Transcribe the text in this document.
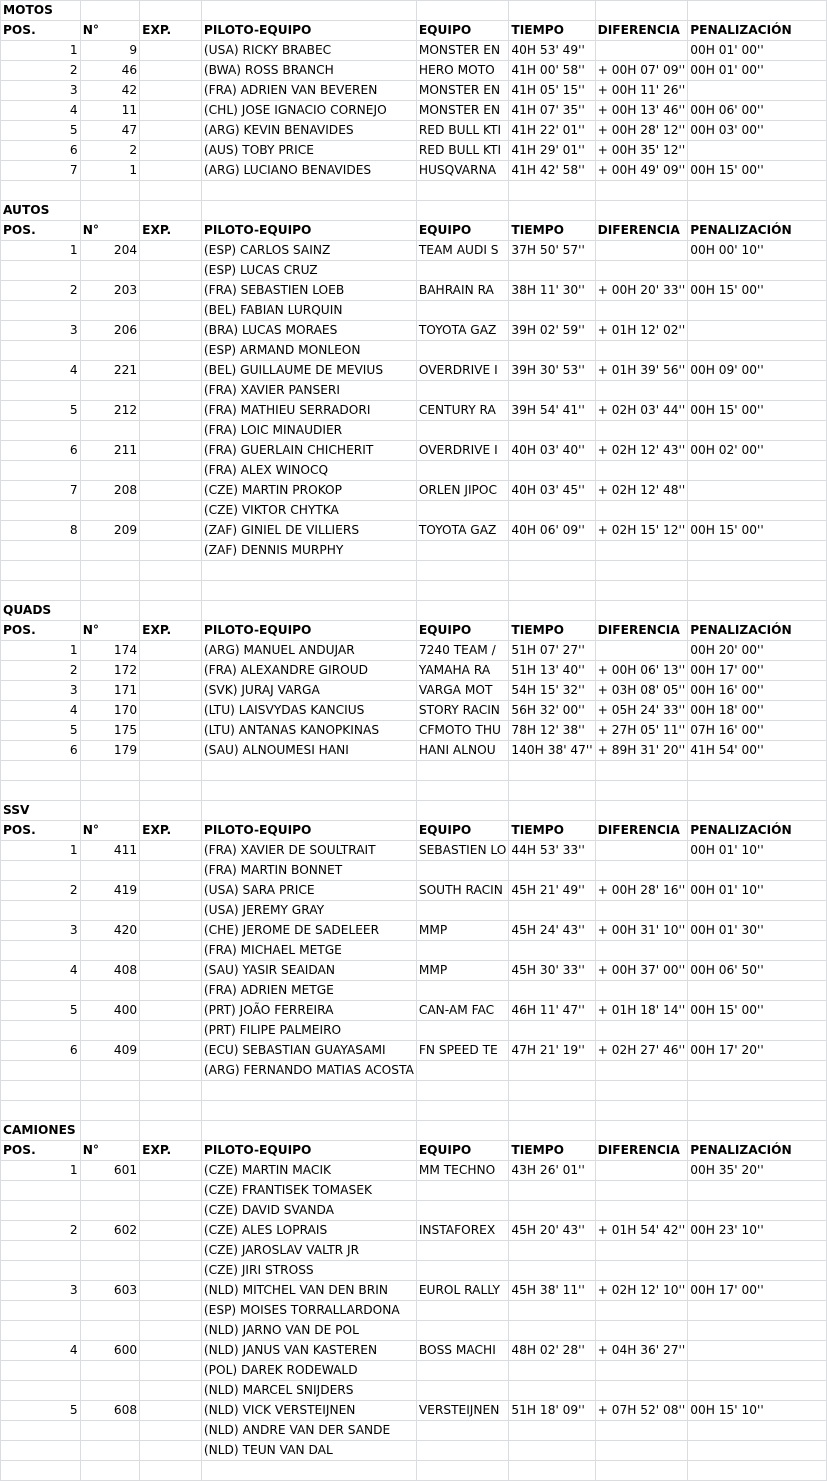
MOTOS							
POS.	N°	EXP.	PILOTO-EQUIPO	EQUIPO	TIEMPO	DIFERENCIA	PENALIZACIÓN
1	9		(USA) RICKY BRABEC	MONSTER EN	40H 53' 49''		00H 01' 00''
2	46		(BWA) ROSS BRANCH	HERO MOTO	41H 00' 58''	+ 00H 07' 09''	00H 01' 00''
3	42		(FRA) ADRIEN VAN BEVEREN	MONSTER EN	41H 05' 15''	+ 00H 11' 26''	
4	11		(CHL) JOSE IGNACIO CORNEJO	MONSTER EN	41H 07' 35''	+ 00H 13' 46''	00H 06' 00''
5	47		(ARG) KEVIN BENAVIDES	RED BULL KTI	41H 22' 01''	+ 00H 28' 12''	00H 03' 00''
6	2		(AUS) TOBY PRICE	RED BULL KTI	41H 29' 01''	+ 00H 35' 12''	
7	1		(ARG) LUCIANO BENAVIDES	HUSQVARNA	41H 42' 58''	+ 00H 49' 09''	00H 15' 00''

AUTOS							
POS.	N°	EXP.	PILOTO-EQUIPO	EQUIPO	TIEMPO	DIFERENCIA	PENALIZACIÓN
1	204		(ESP) CARLOS SAINZ	TEAM AUDI S	37H 50' 57''		00H 00' 10''
			(ESP) LUCAS CRUZ				
2	203		(FRA) SEBASTIEN LOEB	BAHRAIN RA	38H 11' 30''	+ 00H 20' 33''	00H 15' 00''
			(BEL) FABIAN LURQUIN				
3	206		(BRA) LUCAS MORAES	TOYOTA GAZ	39H 02' 59''	+ 01H 12' 02''	
			(ESP) ARMAND MONLEON				
4	221		(BEL) GUILLAUME DE MEVIUS	OVERDRIVE I	39H 30' 53''	+ 01H 39' 56''	00H 09' 00''
			(FRA) XAVIER PANSERI				
5	212		(FRA) MATHIEU SERRADORI	CENTURY RA	39H 54' 41''	+ 02H 03' 44''	00H 15' 00''
			(FRA) LOIC MINAUDIER				
6	211		(FRA) GUERLAIN CHICHERIT	OVERDRIVE I	40H 03' 40''	+ 02H 12' 43''	00H 02' 00''
			(FRA) ALEX WINOCQ				
7	208		(CZE) MARTIN PROKOP	ORLEN JIPOC	40H 03' 45''	+ 02H 12' 48''	
			(CZE) VIKTOR CHYTKA				
8	209		(ZAF) GINIEL DE VILLIERS	TOYOTA GAZ	40H 06' 09''	+ 02H 15' 12''	00H 15' 00''
			(ZAF) DENNIS MURPHY				

QUADS							
POS.	N°	EXP.	PILOTO-EQUIPO	EQUIPO	TIEMPO	DIFERENCIA	PENALIZACIÓN
1	174		(ARG) MANUEL ANDUJAR	7240 TEAM /	51H 07' 27''		00H 20' 00''
2	172		(FRA) ALEXANDRE GIROUD	YAMAHA RA	51H 13' 40''	+ 00H 06' 13''	00H 17' 00''
3	171		(SVK) JURAJ VARGA	VARGA MOT	54H 15' 32''	+ 03H 08' 05''	00H 16' 00''
4	170		(LTU) LAISVYDAS KANCIUS	STORY RACIN	56H 32' 00''	+ 05H 24' 33''	00H 18' 00''
5	175		(LTU) ANTANAS KANOPKINAS	CFMOTO THU	78H 12' 38''	+ 27H 05' 11''	07H 16' 00''
6	179		(SAU) ALNOUMESI HANI	HANI ALNOU	140H 38' 47''	+ 89H 31' 20''	41H 54' 00''

SSV							
POS.	N°	EXP.	PILOTO-EQUIPO	EQUIPO	TIEMPO	DIFERENCIA	PENALIZACIÓN
1	411		(FRA) XAVIER DE SOULTRAIT	SEBASTIEN LO	44H 53' 33''		00H 01' 10''
			(FRA) MARTIN BONNET				
2	419		(USA) SARA PRICE	SOUTH RACIN	45H 21' 49''	+ 00H 28' 16''	00H 01' 10''
			(USA) JEREMY GRAY				
3	420		(CHE) JEROME DE SADELEER	MMP	45H 24' 43''	+ 00H 31' 10''	00H 01' 30''
			(FRA) MICHAEL METGE				
4	408		(SAU) YASIR SEAIDAN	MMP	45H 30' 33''	+ 00H 37' 00''	00H 06' 50''
			(FRA) ADRIEN METGE				
5	400		(PRT) JOÃO FERREIRA	CAN-AM FAC	46H 11' 47''	+ 01H 18' 14''	00H 15' 00''
			(PRT) FILIPE PALMEIRO				
6	409		(ECU) SEBASTIAN GUAYASAMI	FN SPEED TE	47H 21' 19''	+ 02H 27' 46''	00H 17' 20''
			(ARG) FERNANDO MATIAS ACOSTA				

CAMIONES							
POS.	N°	EXP.	PILOTO-EQUIPO	EQUIPO	TIEMPO	DIFERENCIA	PENALIZACIÓN
1	601		(CZE) MARTIN MACIK	MM TECHNO	43H 26' 01''		00H 35' 20''
			(CZE) FRANTISEK TOMASEK				
			(CZE) DAVID SVANDA				
2	602		(CZE) ALES LOPRAIS	INSTAFOREX	45H 20' 43''	+ 01H 54' 42''	00H 23' 10''
			(CZE) JAROSLAV VALTR JR				
			(CZE) JIRI STROSS				
3	603		(NLD) MITCHEL VAN DEN BRIN	EUROL RALLY	45H 38' 11''	+ 02H 12' 10''	00H 17' 00''
			(ESP) MOISES TORRALLARDONA				
			(NLD) JARNO VAN DE POL				
4	600		(NLD) JANUS VAN KASTEREN	BOSS MACHI	48H 02' 28''	+ 04H 36' 27''	
			(POL) DAREK RODEWALD				
			(NLD) MARCEL SNIJDERS				
5	608		(NLD) VICK VERSTEIJNEN	VERSTEIJNEN	51H 18' 09''	+ 07H 52' 08''	00H 15' 10''
			(NLD) ANDRE VAN DER SANDE				
			(NLD) TEUN VAN DAL				
